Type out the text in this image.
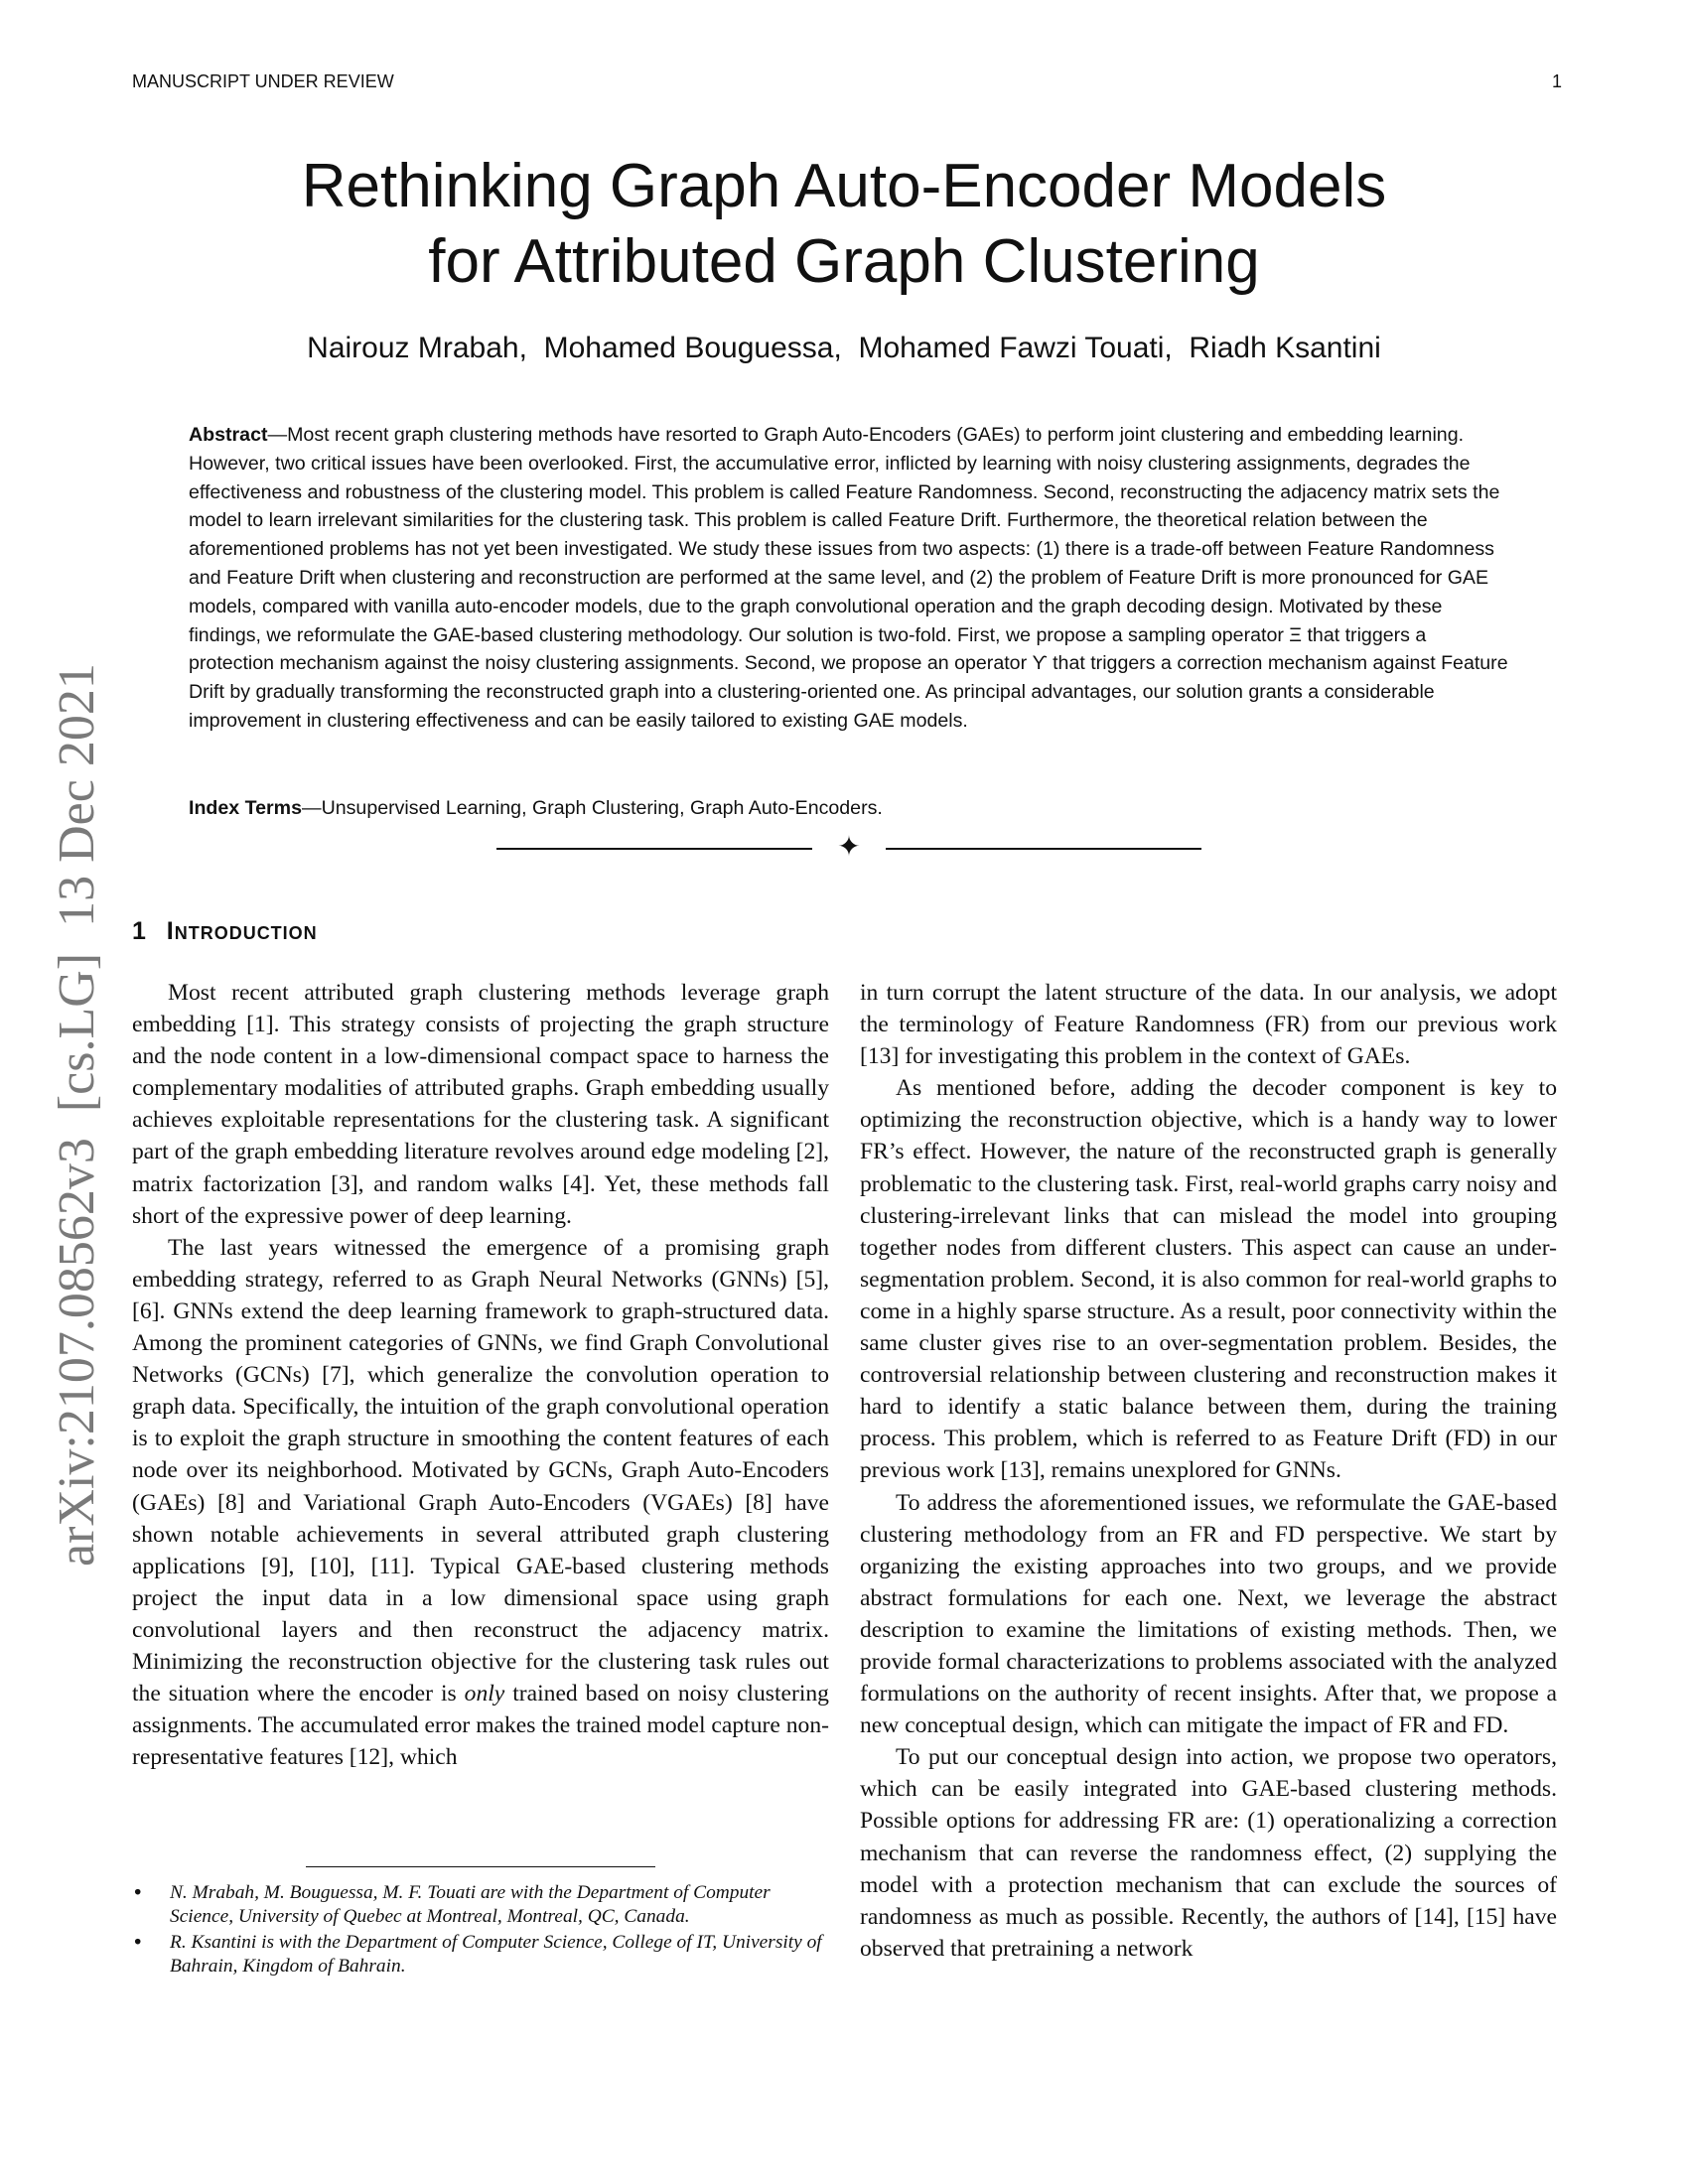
MANUSCRIPT UNDER REVIEW	1
Rethinking Graph Auto-Encoder Models
for Attributed Graph Clustering
Nairouz Mrabah,  Mohamed Bouguessa,  Mohamed Fawzi Touati,  Riadh Ksantini

Abstract—Most recent graph clustering methods have resorted to Graph Auto-Encoders (GAEs) to perform joint clustering and embedding learning. However, two critical issues have been overlooked. First, the accumulative error, inflicted by learning with noisy clustering assignments, degrades the effectiveness and robustness of the clustering model. This problem is called Feature Randomness. Second, reconstructing the adjacency matrix sets the model to learn irrelevant similarities for the clustering task. This problem is called Feature Drift. Furthermore, the theoretical relation between the aforementioned problems has not yet been investigated. We study these issues from two aspects: (1) there is a trade-off between Feature Randomness and Feature Drift when clustering and reconstruction are performed at the same level, and (2) the problem of Feature Drift is more pronounced for GAE models, compared with vanilla auto-encoder models, due to the graph convolutional operation and the graph decoding design. Motivated by these findings, we reformulate the GAE-based clustering methodology. Our solution is two-fold. First, we propose a sampling operator Ξ that triggers a protection mechanism against the noisy clustering assignments. Second, we propose an operator ϒ that triggers a correction mechanism against Feature Drift by gradually transforming the reconstructed graph into a clustering-oriented one. As principal advantages, our solution grants a considerable improvement in clustering effectiveness and can be easily tailored to existing GAE models.

Index Terms—Unsupervised Learning, Graph Clustering, Graph Auto-Encoders.

✦
1 Introduction

Most recent attributed graph clustering methods leverage graph embedding [1]. This strategy consists of projecting the graph structure and the node content in a low-dimensional compact space to harness the complementary modalities of attributed graphs. Graph embedding usually achieves exploitable representations for the clustering task. A significant part of the graph embedding literature revolves around edge modeling [2], matrix factorization [3], and random walks [4]. Yet, these methods fall short of the expressive power of deep learning.

The last years witnessed the emergence of a promising graph embedding strategy, referred to as Graph Neural Networks (GNNs) [5], [6]. GNNs extend the deep learning framework to graph-structured data. Among the prominent categories of GNNs, we find Graph Convolutional Networks (GCNs) [7], which generalize the convolution operation to graph data. Specifically, the intuition of the graph convolutional operation is to exploit the graph structure in smoothing the content features of each node over its neighborhood. Motivated by GCNs, Graph Auto-Encoders (GAEs) [8] and Variational Graph Auto-Encoders (VGAEs) [8] have shown notable achievements in several attributed graph clustering applications [9], [10], [11]. Typical GAE-based clustering methods project the input data in a low dimensional space using graph convolutional layers and then reconstruct the adjacency matrix. Minimizing the reconstruction objective for the clustering task rules out the situation where the encoder is only trained based on noisy clustering assignments. The accumulated error makes the trained model capture non-representative features [12], which

in turn corrupt the latent structure of the data. In our analysis, we adopt the terminology of Feature Randomness (FR) from our previous work [13] for investigating this problem in the context of GAEs.

As mentioned before, adding the decoder component is key to optimizing the reconstruction objective, which is a handy way to lower FR’s effect. However, the nature of the reconstructed graph is generally problematic to the clustering task. First, real-world graphs carry noisy and clustering-irrelevant links that can mislead the model into grouping together nodes from different clusters. This aspect can cause an under-segmentation problem. Second, it is also common for real-world graphs to come in a highly sparse structure. As a result, poor connectivity within the same cluster gives rise to an over-segmentation problem. Besides, the controversial relationship between clustering and reconstruction makes it hard to identify a static balance between them, during the training process. This problem, which is referred to as Feature Drift (FD) in our previous work [13], remains unexplored for GNNs.

To address the aforementioned issues, we reformulate the GAE-based clustering methodology from an FR and FD perspective. We start by organizing the existing approaches into two groups, and we provide abstract formulations for each one. Next, we leverage the abstract description to examine the limitations of existing methods. Then, we provide formal characterizations to problems associated with the analyzed formulations on the authority of recent insights. After that, we propose a new conceptual design, which can mitigate the impact of FR and FD.

To put our conceptual design into action, we propose two operators, which can be easily integrated into GAE-based clustering methods. Possible options for addressing FR are: (1) operationalizing a correction mechanism that can reverse the randomness effect, (2) supplying the model with a protection mechanism that can exclude the sources of randomness as much as possible. Recently, the authors of [14], [15] have observed that pretraining a network

• N. Mrabah, M. Bouguessa, M. F. Touati are with the Department of Computer Science, University of Quebec at Montreal, Montreal, QC, Canada.
• R. Ksantini is with the Department of Computer Science, College of IT, University of Bahrain, Kingdom of Bahrain.
arXiv:2107.08562v3  [cs.LG]  13 Dec 2021
